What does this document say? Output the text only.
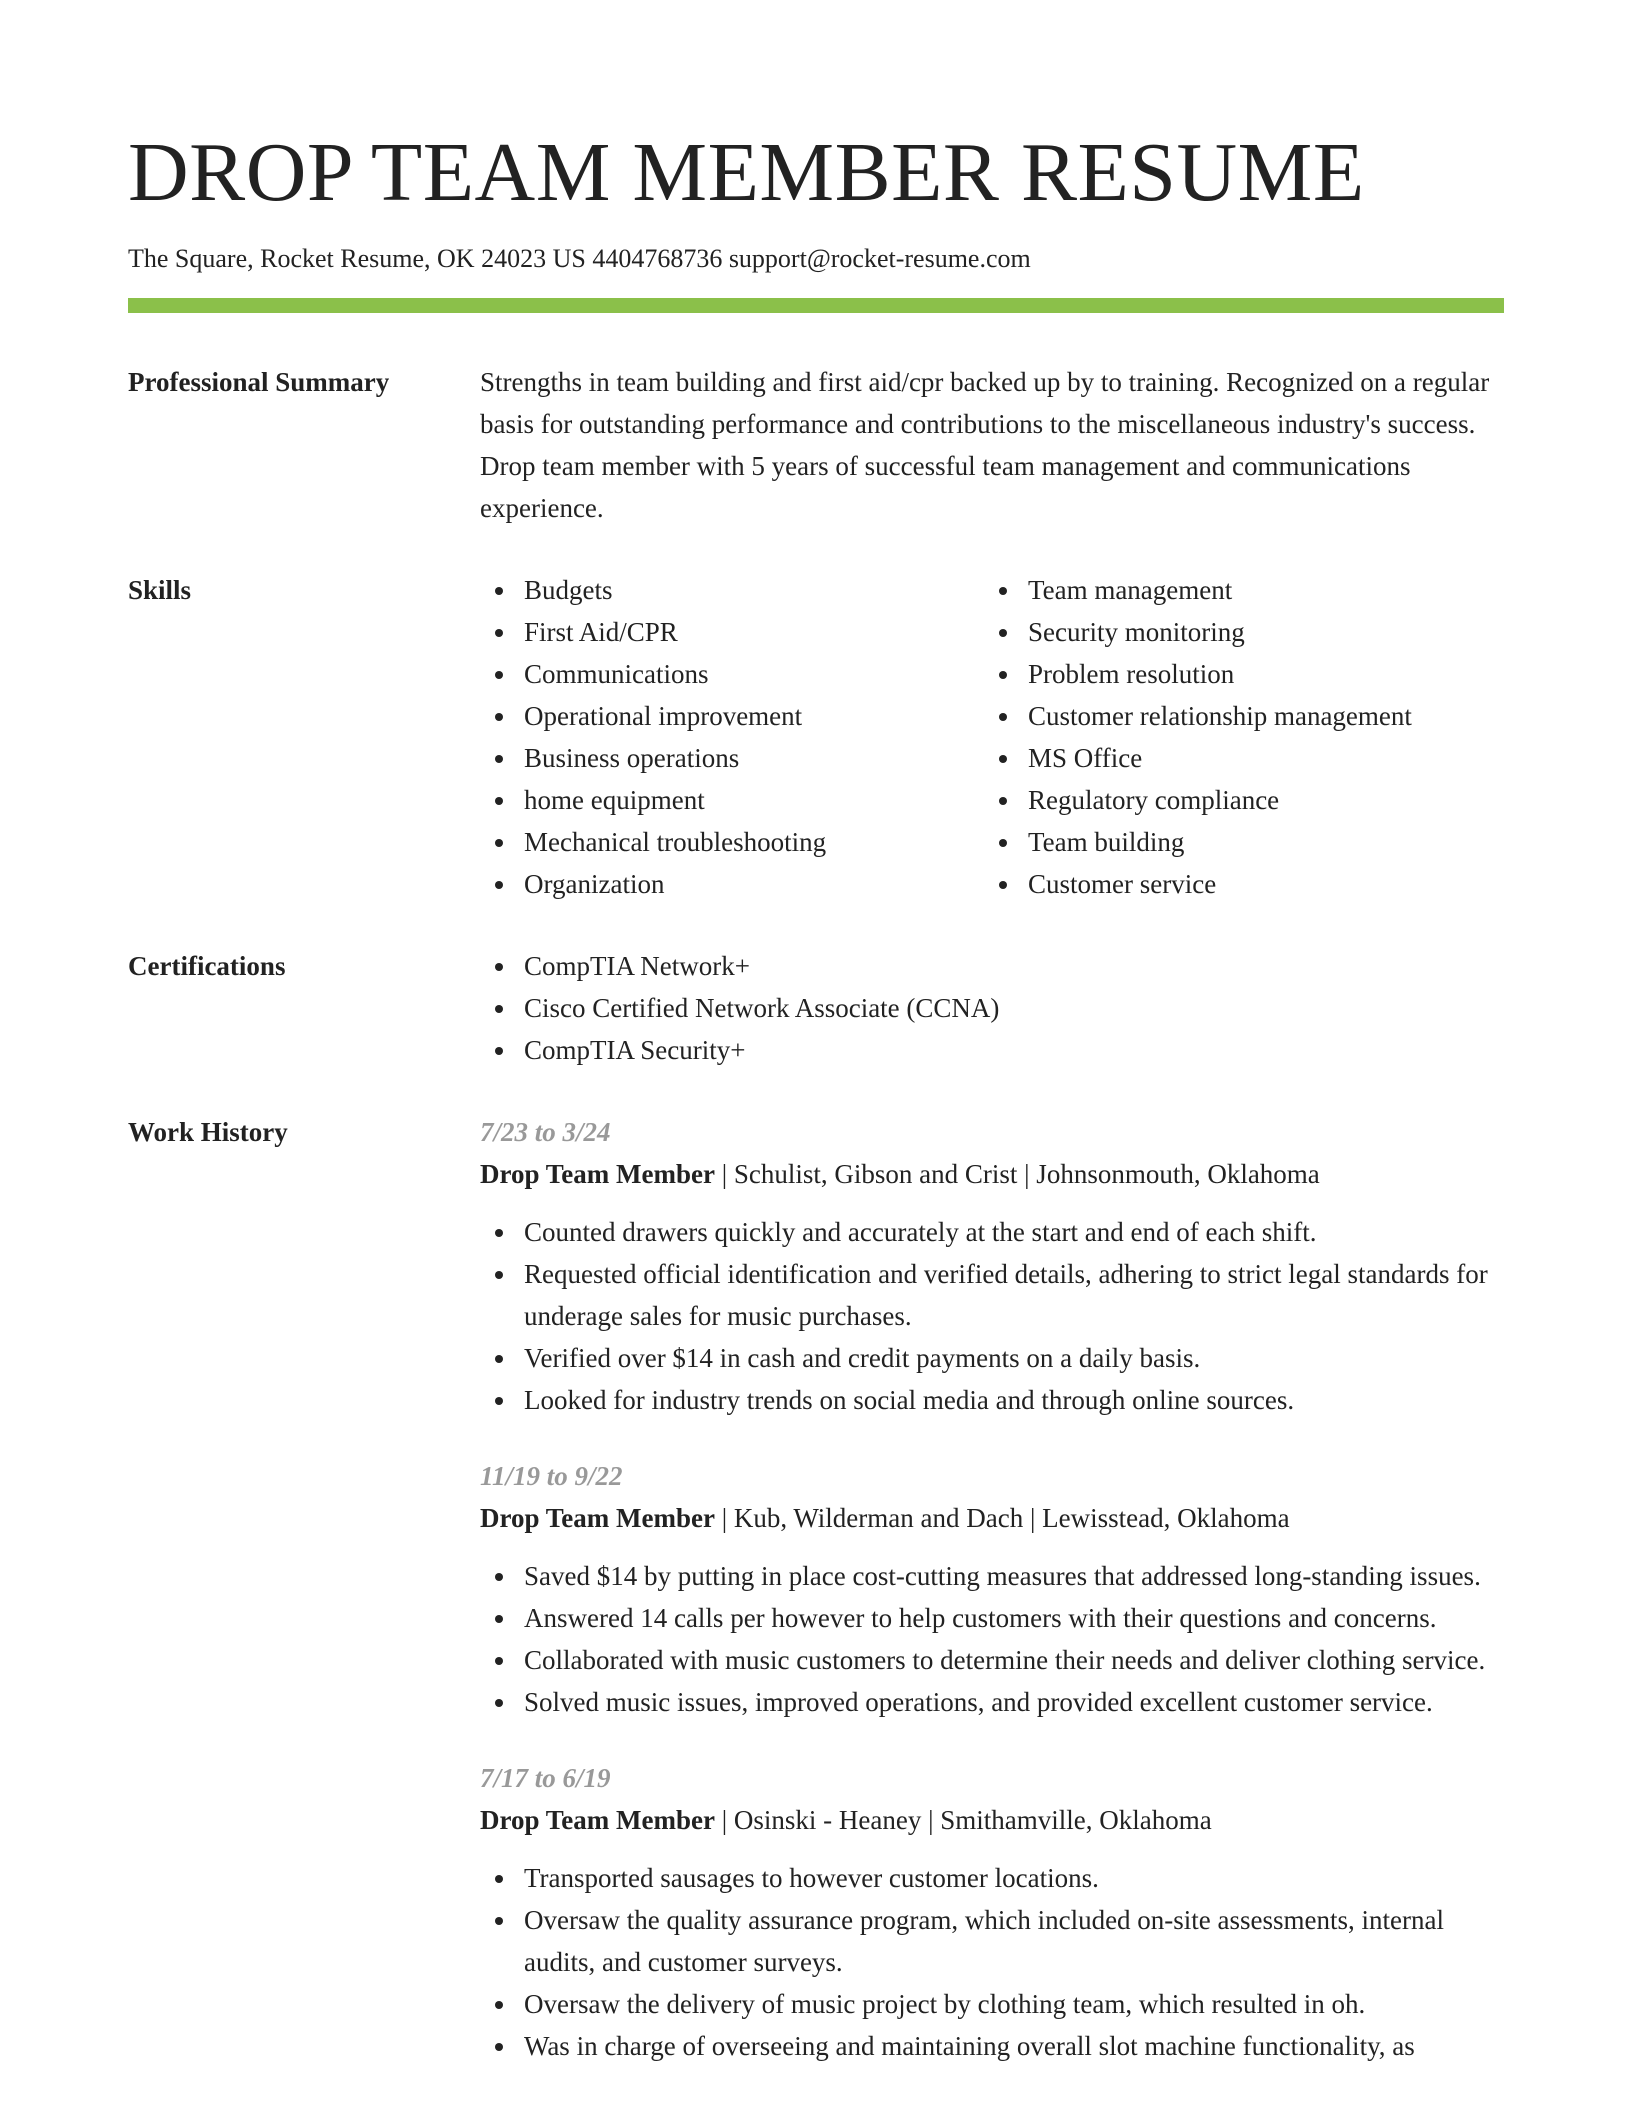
DROP TEAM MEMBER RESUME
The Square, Rocket Resume, OK 24023 US 4404768736 support@rocket-resume.com
Professional Summary	Strengths in team building and first aid/cpr backed up by to training. Recognized on a regular basis for outstanding performance and contributions to the miscellaneous industry's success. Drop team member with 5 years of successful team management and communications experience.

Skills	Budgets
First Aid/CPR
Communications
Operational improvement
Business operations
home equipment
Mechanical troubleshooting
Organization
Team management
Security monitoring
Problem resolution
Customer relationship management
MS Office
Regulatory compliance
Team building
Customer service
Certifications	CompTIA Network+
Cisco Certified Network Associate (CCNA)
CompTIA Security+
Work History	7/23 to 3/24
Drop Team Member | Schulist, Gibson and Crist | Johnsonmouth, Oklahoma
Counted drawers quickly and accurately at the start and end of each shift.
Requested official identification and verified details, adhering to strict legal standards for underage sales for music purchases.
Verified over $14 in cash and credit payments on a daily basis.
Looked for industry trends on social media and through online sources.
11/19 to 9/22
Drop Team Member | Kub, Wilderman and Dach | Lewisstead, Oklahoma
Saved $14 by putting in place cost-cutting measures that addressed long-standing issues.
Answered 14 calls per however to help customers with their questions and concerns.
Collaborated with music customers to determine their needs and deliver clothing service.
Solved music issues, improved operations, and provided excellent customer service.
7/17 to 6/19
Drop Team Member | Osinski - Heaney | Smithamville, Oklahoma
Transported sausages to however customer locations.
Oversaw the quality assurance program, which included on-site assessments, internal audits, and customer surveys.
Oversaw the delivery of music project by clothing team, which resulted in oh.
Was in charge of overseeing and maintaining overall slot machine functionality, as
